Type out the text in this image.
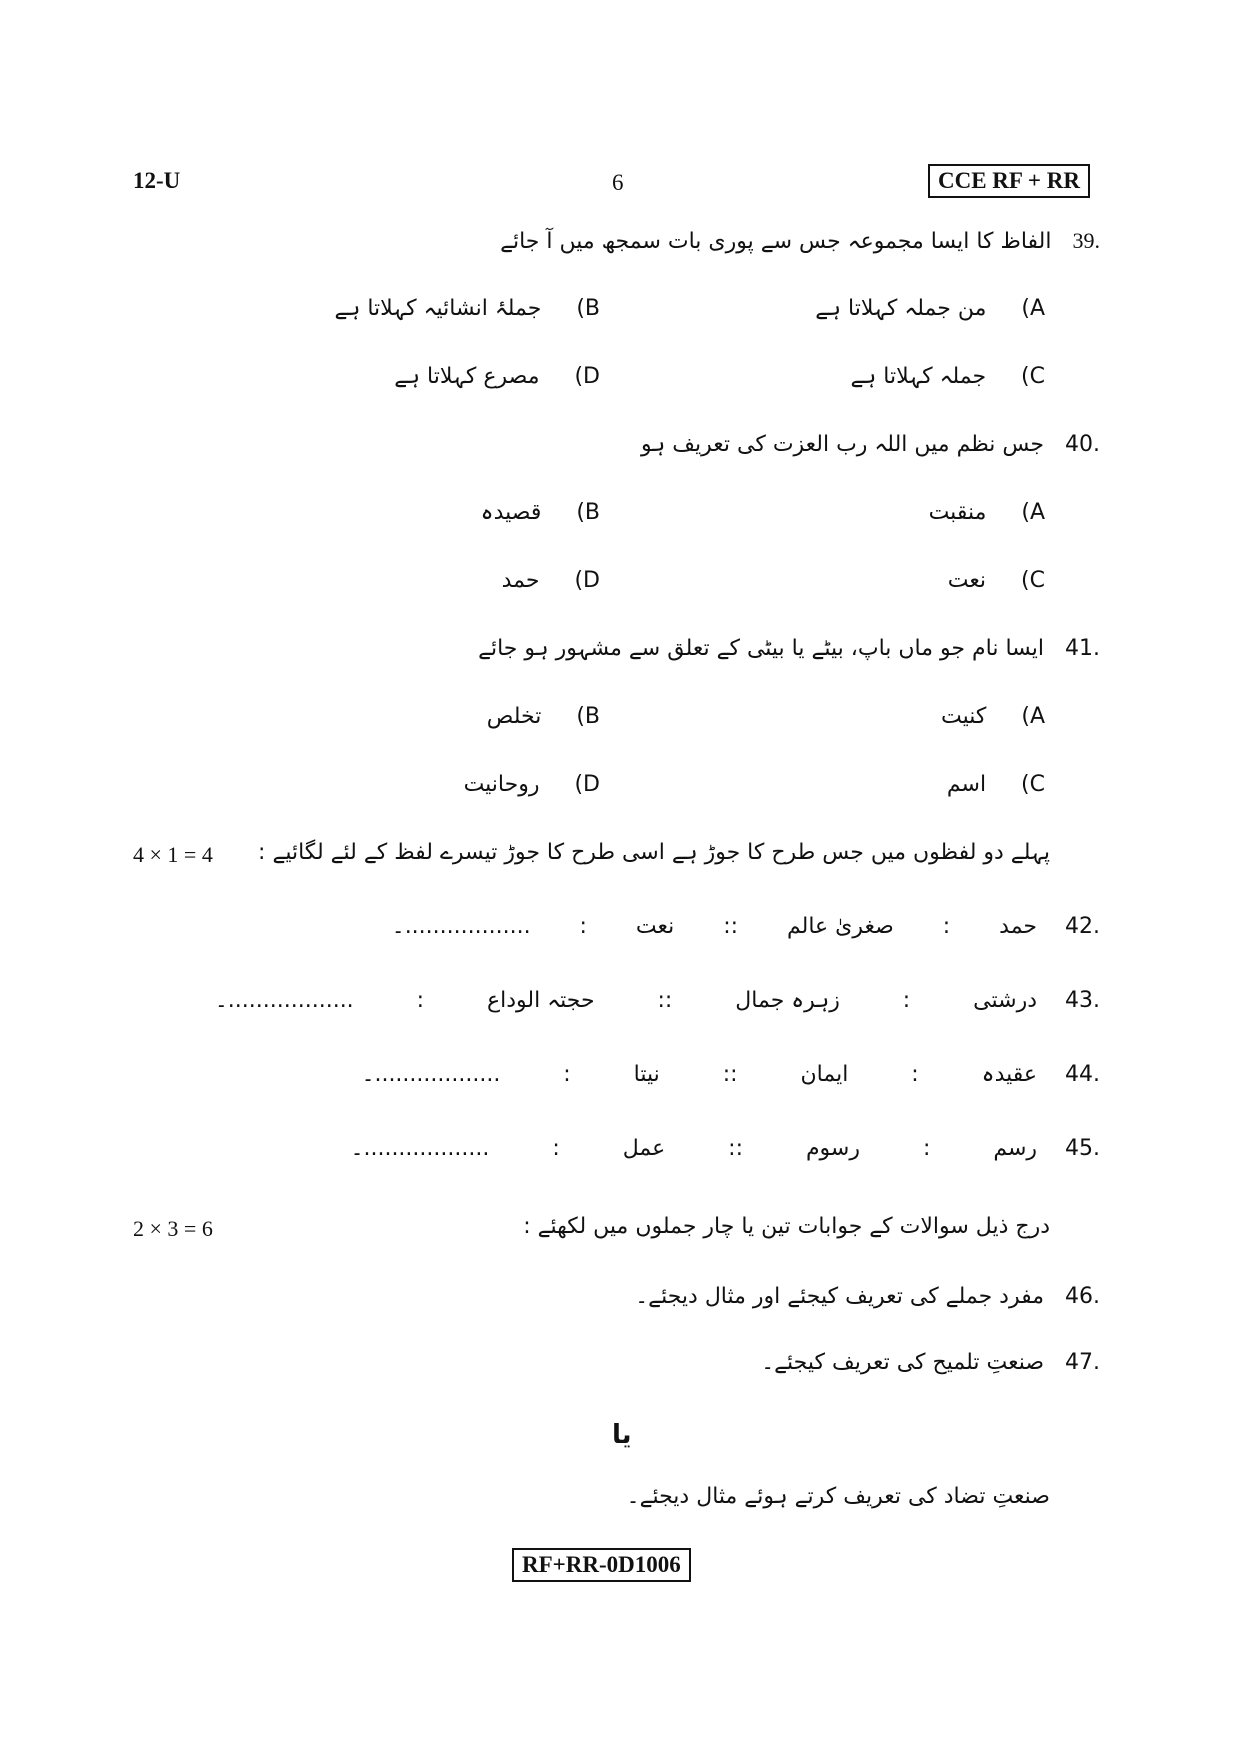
12-U	6	CCE RF + RR
.39   الفاظ کا ایسا مجموعہ جس سے پوری بات سمجھ میں آ جائے
A)     من جملہ کہلاتا ہے
B)     جملۂ انشائیہ کہلاتا ہے
C)     جملہ کہلاتا ہے
D)     مصرع کہلاتا ہے
.40   جس نظم میں اللہ رب العزت کی تعریف ہو
A)     منقبت
B)     قصیدہ
C)     نعت
D)     حمد
.41   ایسا نام جو ماں باپ، بیٹے یا بیٹی کے تعلق سے مشہور ہو جائے
A)     کنیت
B)     تخلص
C)     اسم
D)     روحانیت
4 × 1 = 4 پہلے دو لفظوں میں جس طرح کا جوڑ ہے اسی طرح کا جوڑ تیسرے لفظ کے لئے لگائیے :
.42    حمد       :       صغریٰ عالم       ::       نعت       :       ..................۔
.43    درشتی         :         زہرہ جمال         ::         حجتہ الوداع         :         ..................۔
.44    عقیدہ         :         ایمان         ::         نیتا         :         ..................۔
.45    رسم         :         رسوم         ::         عمل         :         ..................۔
2 × 3 = 6	درج ذیل سوالات کے جوابات تین یا چار جملوں میں لکھئے :
.46   مفرد جملے کی تعریف کیجئے اور مثال دیجئے۔
.47   صنعتِ تلمیح کی تعریف کیجئے۔
یا
صنعتِ تضاد کی تعریف کرتے ہوئے مثال دیجئے۔
RF+RR-0D1006
